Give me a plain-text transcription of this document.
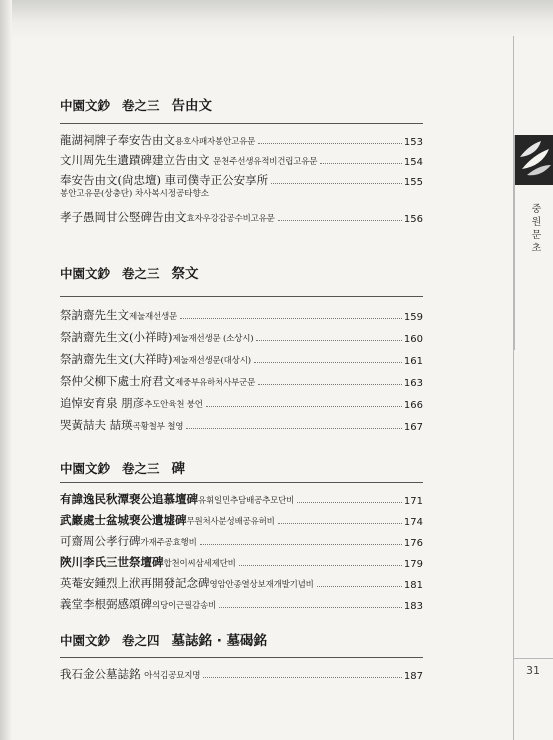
中園文鈔 卷之三 告由文
龍湖祠牌子奉安告由文용호사패자봉안고유문	153
文川周先生遺蹟碑建立告由文 문천주선생유적비건립고유문	154
奉安告由文(尙忠壇) 車司僕寺正公安享所	155
봉안고유문(상충단) 차사복시정공타향소
孝子愚岡甘公竪碑告由文효자우강감공수비고유문	156
中園文鈔 卷之三 祭文
祭訥齋先生文제눌재선생문	159
祭訥齋先生文(小祥時)제눌재선생문 (소상시)	160
祭訥齋先生文(大祥時)제눌재선생문(대상시)	161
祭仲父柳下處士府君文제중부유하처사부군문	163
追悼安育泉 朋彦추도안육천 붕언	166
哭黃喆夫 喆瑛곡황철부 철영	167
中園文鈔 卷之三 碑
有諱逸民秋潭裵公追慕壇碑유휘일민추담배공추모단비	171
武巖處士盆城裵公遺墟碑무원처사분성배공유허비	174
可齋周公孝行碑가재주공효행비	176
陜川李氏三世祭壇碑합천이씨삼세제단비	179
英菴安鍾烈上洑再開發記念碑영암안종열상보재개발기념비	181
義堂李根弼感頌碑의당이근필감송비	183
中園文鈔 卷之四 墓誌銘 · 墓碣銘
我石金公墓誌銘 아석김공묘지명	187
중원문초
31
